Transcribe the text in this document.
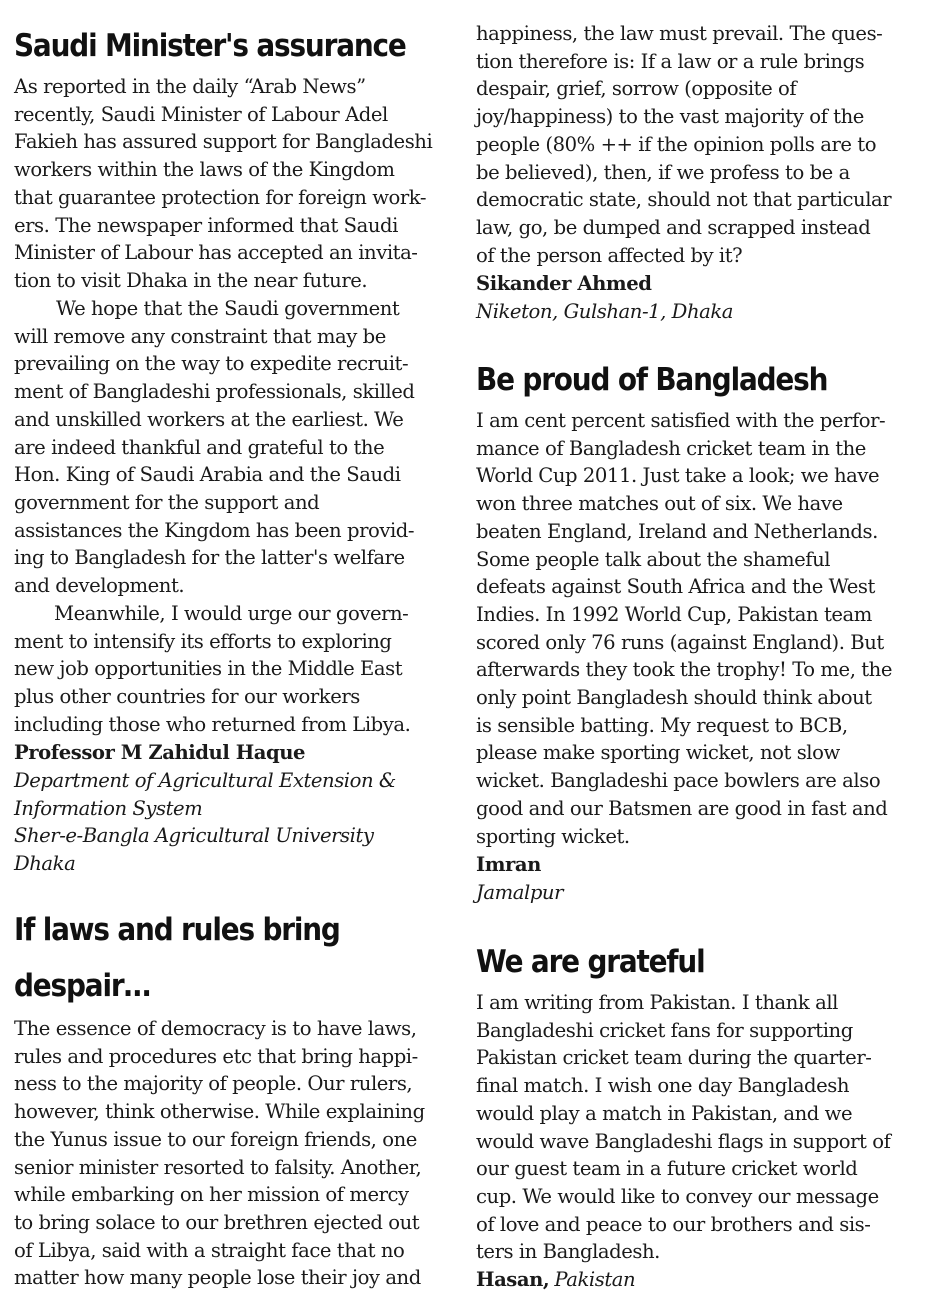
Saudi Minister's assurance
As reported in the daily “Arab News”
recently, Saudi Minister of Labour Adel
Fakieh has assured support for Bangladeshi
workers within the laws of the Kingdom
that guarantee protection for foreign work-
ers. The newspaper informed that Saudi
Minister of Labour has accepted an invita-
tion to visit Dhaka in the near future.
We hope that the Saudi government
will remove any constraint that may be
prevailing on the way to expedite recruit-
ment of Bangladeshi professionals, skilled
and unskilled workers at the earliest. We
are indeed thankful and grateful to the
Hon. King of Saudi Arabia and the Saudi
government for the support and
assistances the Kingdom has been provid-
ing to Bangladesh for the latter's welfare
and development.
Meanwhile, I would urge our govern-
ment to intensify its efforts to exploring
new job opportunities in the Middle East
plus other countries for our workers
including those who returned from Libya.
Professor M Zahidul Haque
Department of Agricultural Extension &
Information System
Sher-e-Bangla Agricultural University
Dhaka
If laws and rules bring
despair…
The essence of democracy is to have laws,
rules and procedures etc that bring happi-
ness to the majority of people. Our rulers,
however, think otherwise. While explaining
the Yunus issue to our foreign friends, one
senior minister resorted to falsity. Another,
while embarking on her mission of mercy
to bring solace to our brethren ejected out
of Libya, said with a straight face that no
matter how many people lose their joy and
happiness, the law must prevail. The ques-
tion therefore is: If a law or a rule brings
despair, grief, sorrow (opposite of
joy/happiness) to the vast majority of the
people (80% ++ if the opinion polls are to
be believed), then, if we profess to be a
democratic state, should not that particular
law, go, be dumped and scrapped instead
of the person affected by it?
Sikander Ahmed
Niketon, Gulshan-1, Dhaka
Be proud of Bangladesh
I am cent percent satisfied with the perfor-
mance of Bangladesh cricket team in the
World Cup 2011. Just take a look; we have
won three matches out of six. We have
beaten England, Ireland and Netherlands.
Some people talk about the shameful
defeats against South Africa and the West
Indies. In 1992 World Cup, Pakistan team
scored only 76 runs (against England). But
afterwards they took the trophy! To me, the
only point Bangladesh should think about
is sensible batting. My request to BCB,
please make sporting wicket, not slow
wicket. Bangladeshi pace bowlers are also
good and our Batsmen are good in fast and
sporting wicket.
Imran
Jamalpur
We are grateful
I am writing from Pakistan. I thank all
Bangladeshi cricket fans for supporting
Pakistan cricket team during the quarter-
final match. I wish one day Bangladesh
would play a match in Pakistan, and we
would wave Bangladeshi flags in support of
our guest team in a future cricket world
cup. We would like to convey our message
of love and peace to our brothers and sis-
ters in Bangladesh.
Hasan, Pakistan
